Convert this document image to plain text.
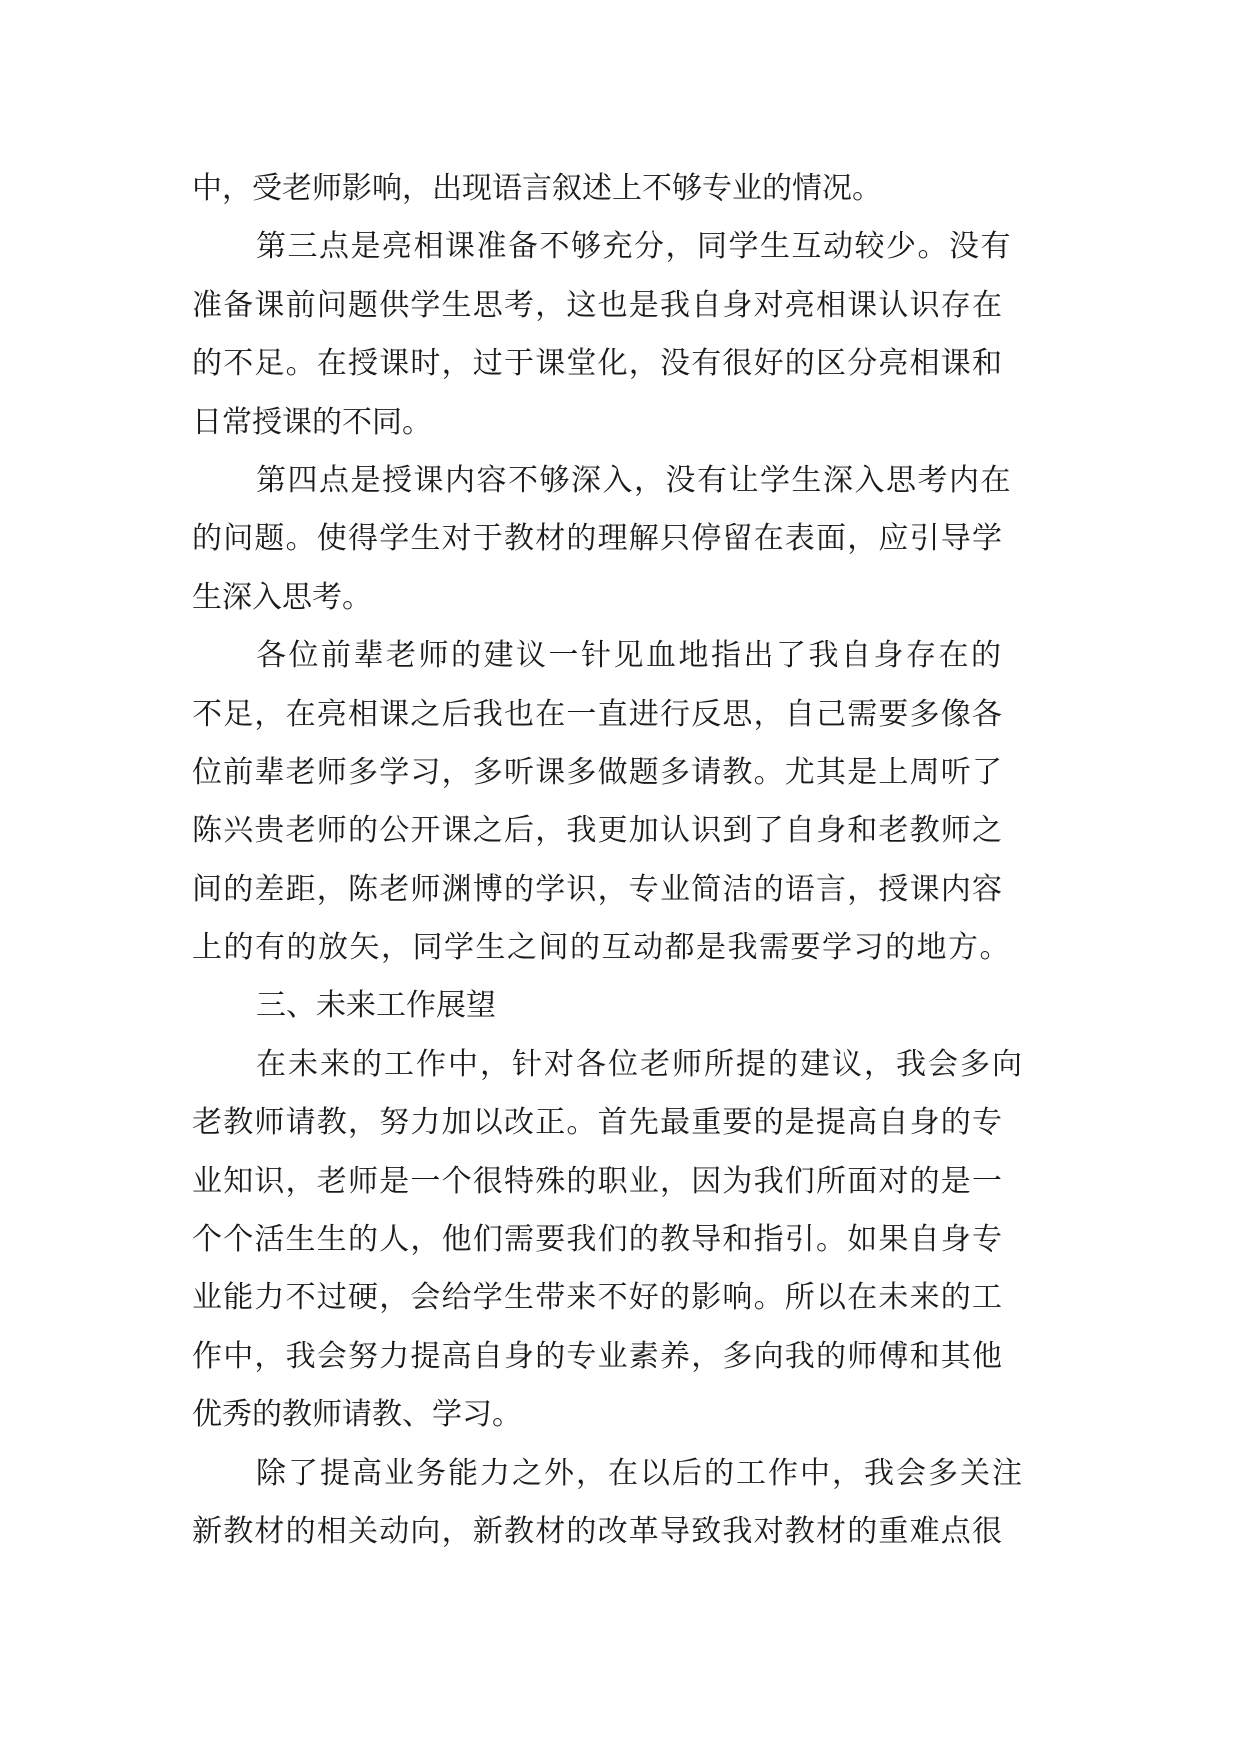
中，受老师影响，出现语言叙述上不够专业的情况。
第三点是亮相课准备不够充分，同学生互动较少。没有
准备课前问题供学生思考，这也是我自身对亮相课认识存在
的不足。在授课时，过于课堂化，没有很好的区分亮相课和
日常授课的不同。
第四点是授课内容不够深入，没有让学生深入思考内在
的问题。使得学生对于教材的理解只停留在表面，应引导学
生深入思考。
各位前辈老师的建议一针见血地指出了我自身存在的
不足，在亮相课之后我也在一直进行反思，自己需要多像各
位前辈老师多学习，多听课多做题多请教。尤其是上周听了
陈兴贵老师的公开课之后，我更加认识到了自身和老教师之
间的差距，陈老师渊博的学识，专业简洁的语言，授课内容
上的有的放矢，同学生之间的互动都是我需要学习的地方。
三、未来工作展望
在未来的工作中，针对各位老师所提的建议，我会多向
老教师请教，努力加以改正。首先最重要的是提高自身的专
业知识，老师是一个很特殊的职业，因为我们所面对的是一
个个活生生的人，他们需要我们的教导和指引。如果自身专
业能力不过硬，会给学生带来不好的影响。所以在未来的工
作中，我会努力提高自身的专业素养，多向我的师傅和其他
优秀的教师请教、学习。
除了提高业务能力之外，在以后的工作中，我会多关注
新教材的相关动向，新教材的改革导致我对教材的重难点很
